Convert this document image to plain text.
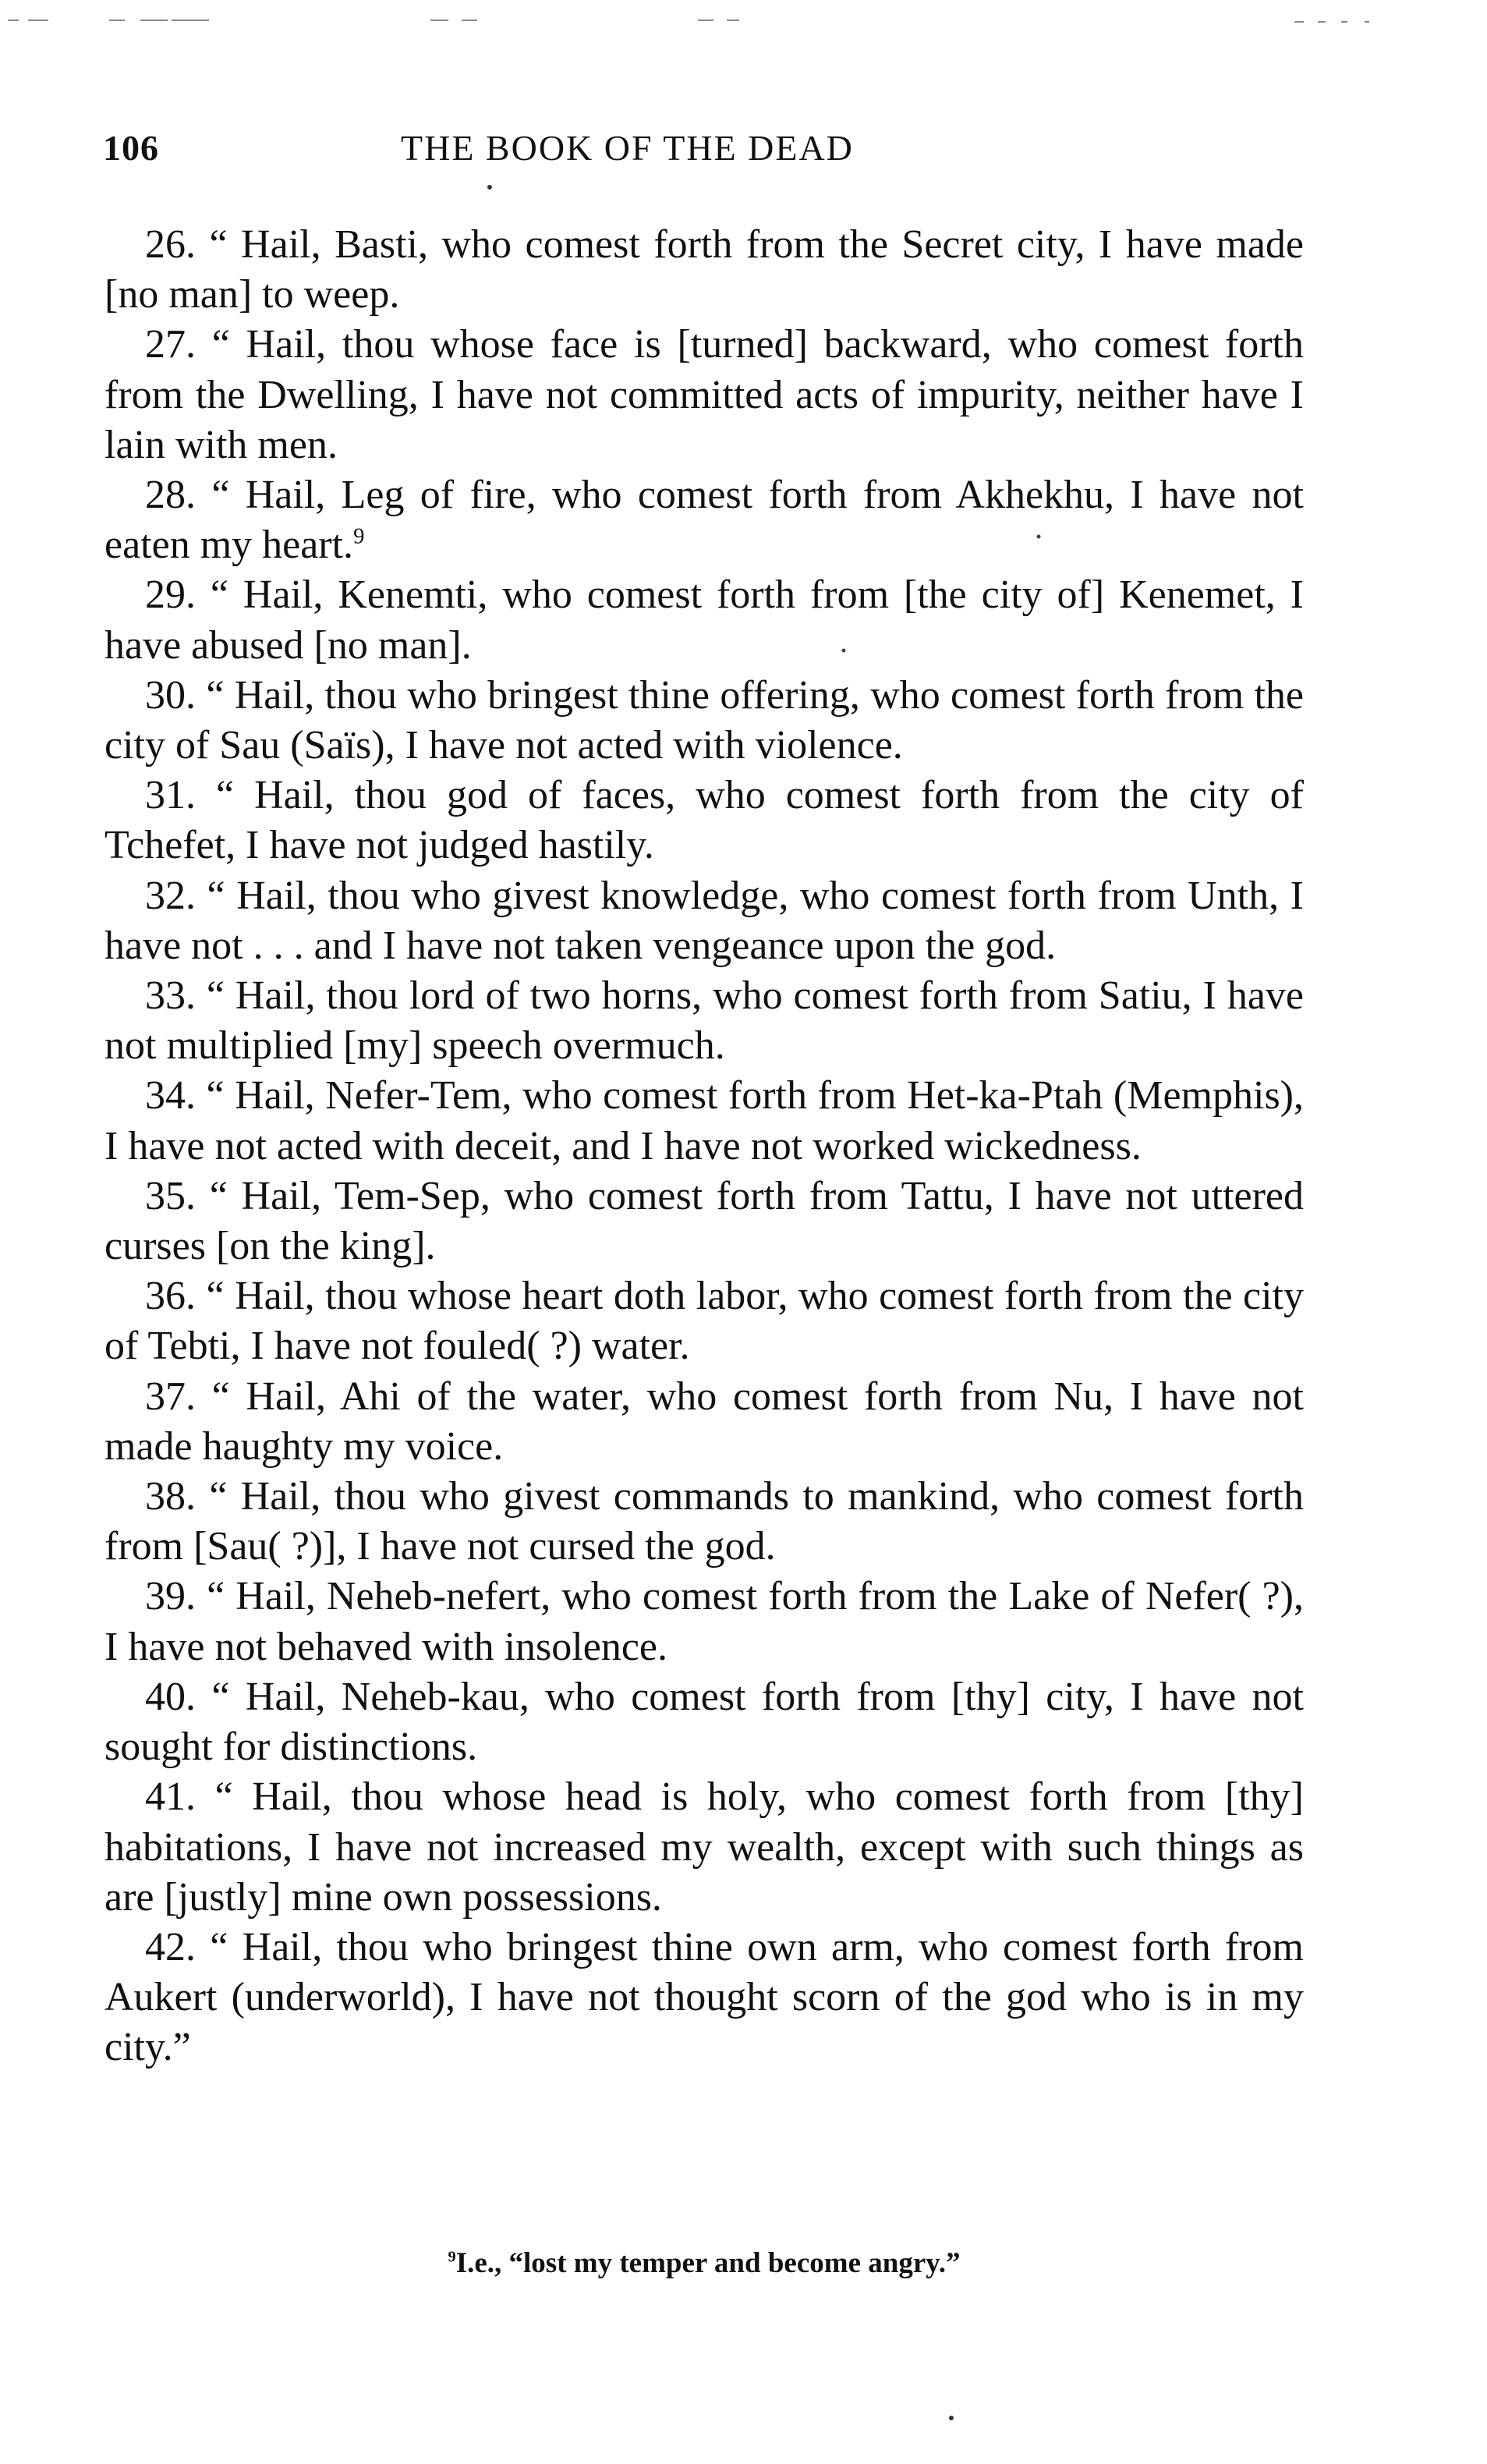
106	THE BOOK OF THE DEAD

26. “ Hail, Basti, who comest forth from the Secret city, I have made [no man] to weep.

27. “ Hail, thou whose face is [turned] backward, who comest forth from the Dwelling, I have not committed acts of impurity, neither have I lain with men.

28. “ Hail, Leg of fire, who comest forth from Akhekhu, I have not eaten my heart.$^9$

29. “ Hail, Kenemti, who comest forth from [the city of] Kenemet, I have abused [no man].

30. “ Hail, thou who bringest thine offering, who comest forth from the city of Sau (Saïs), I have not acted with violence.

31. “ Hail, thou god of faces, who comest forth from the city of Tchefet, I have not judged hastily.

32. “ Hail, thou who givest knowledge, who comest forth from Unth, I have not . . . and I have not taken vengeance upon the god.

33. “ Hail, thou lord of two horns, who comest forth from Satiu, I have not multiplied [my] speech overmuch.

34. “ Hail, Nefer-Tem, who comest forth from Het-ka-Ptah (Memphis), I have not acted with deceit, and I have not worked wickedness.

35. “ Hail, Tem-Sep, who comest forth from Tattu, I have not uttered curses [on the king].

36. “ Hail, thou whose heart doth labor, who comest forth from the city of Tebti, I have not fouled( ?) water.

37. “ Hail, Ahi of the water, who comest forth from Nu, I have not made haughty my voice.

38. “ Hail, thou who givest commands to mankind, who comest forth from [Sau( ?)], I have not cursed the god.

39. “ Hail, Neheb-nefert, who comest forth from the Lake of Nefer( ?), I have not behaved with insolence.

40. “ Hail, Neheb-kau, who comest forth from [thy] city, I have not sought for distinctions.

41. “ Hail, thou whose head is holy, who comest forth from [thy] habitations, I have not increased my wealth, except with such things as are [justly] mine own possessions.

42. “ Hail, thou who bringest thine own arm, who comest forth from Aukert (underworld), I have not thought scorn of the god who is in my city.”

$^9$I.e., “lost my temper and become angry.”
